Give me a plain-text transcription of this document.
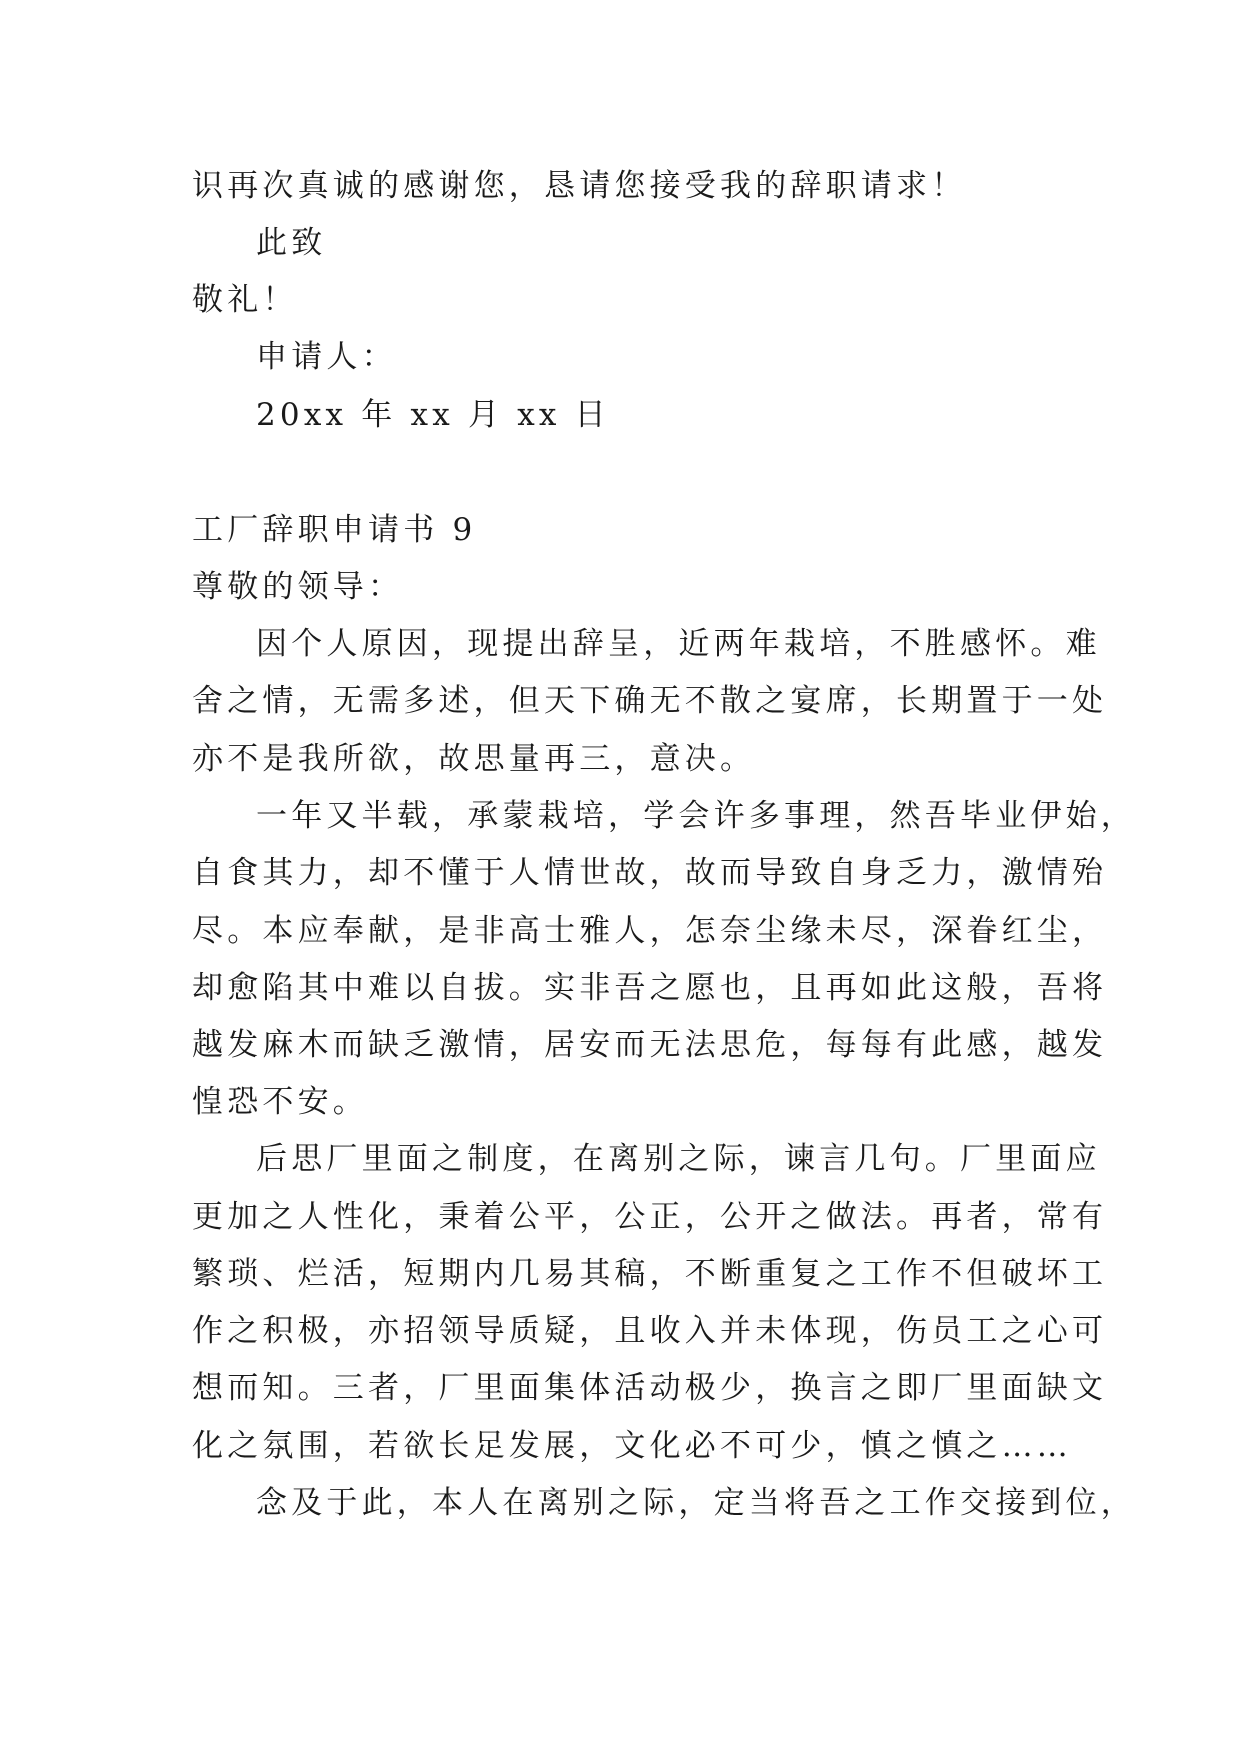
识再次真诚的感谢您，恳请您接受我的辞职请求！
此致
敬礼！
申请人：
20xx 年 xx 月 xx 日
工厂辞职申请书 9
尊敬的领导：
因个人原因，现提出辞呈，近两年栽培，不胜感怀。难
舍之情，无需多述，但天下确无不散之宴席，长期置于一处
亦不是我所欲，故思量再三，意决。
一年又半载，承蒙栽培，学会许多事理，然吾毕业伊始，
自食其力，却不懂于人情世故，故而导致自身乏力，激情殆
尽。本应奉献，是非高士雅人，怎奈尘缘未尽，深眷红尘，
却愈陷其中难以自拔。实非吾之愿也，且再如此这般，吾将
越发麻木而缺乏激情，居安而无法思危，每每有此感，越发
惶恐不安。
后思厂里面之制度，在离别之际，谏言几句。厂里面应
更加之人性化，秉着公平，公正，公开之做法。再者，常有
繁琐、烂活，短期内几易其稿，不断重复之工作不但破坏工
作之积极，亦招领导质疑，且收入并未体现，伤员工之心可
想而知。三者，厂里面集体活动极少，换言之即厂里面缺文
化之氛围，若欲长足发展，文化必不可少，慎之慎之……
念及于此，本人在离别之际，定当将吾之工作交接到位，
